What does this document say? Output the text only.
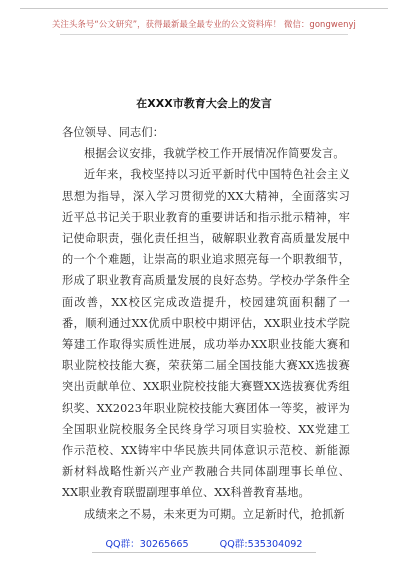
关注头条号“公文研究”，获得最新最全最专业的公文资料库！ 微信：gongwenyj
在XXX市教育大会上的发言

各位领导、同志们：

根据会议安排，我就学校工作开展情况作简要发言。

近年来，我校坚持以习近平新时代中国特色社会主义思想为指导，深入学习贯彻党的XX大精神，全面落实习近平总书记关于职业教育的重要讲话和指示批示精神，牢记使命职责，强化责任担当，破解职业教育高质量发展中的一个个难题，让崇高的职业追求照亮每一个职教细节，形成了职业教育高质量发展的良好态势。学校办学条件全面改善，XX校区完成改造提升，校园建筑面积翻了一番，顺利通过XX优质中职校中期评估，XX职业技术学院筹建工作取得实质性进展，成功举办XX职业技能大赛和职业院校技能大赛，荣获第二届全国技能大赛XX选拔赛突出贡献单位、XX职业院校技能大赛暨XX选拔赛优秀组织奖、XX2023年职业院校技能大赛团体一等奖，被评为全国职业院校服务全民终身学习项目实验校、XX党建工作示范校、XX铸牢中华民族共同体意识示范校、新能源新材料战略性新兴产业产教融合共同体副理事长单位、XX职业教育联盟副理事单位、XX科普教育基地。

成绩来之不易，未来更为可期。立足新时代，抢抓新

QQ群：30265665	QQ群:535304092
